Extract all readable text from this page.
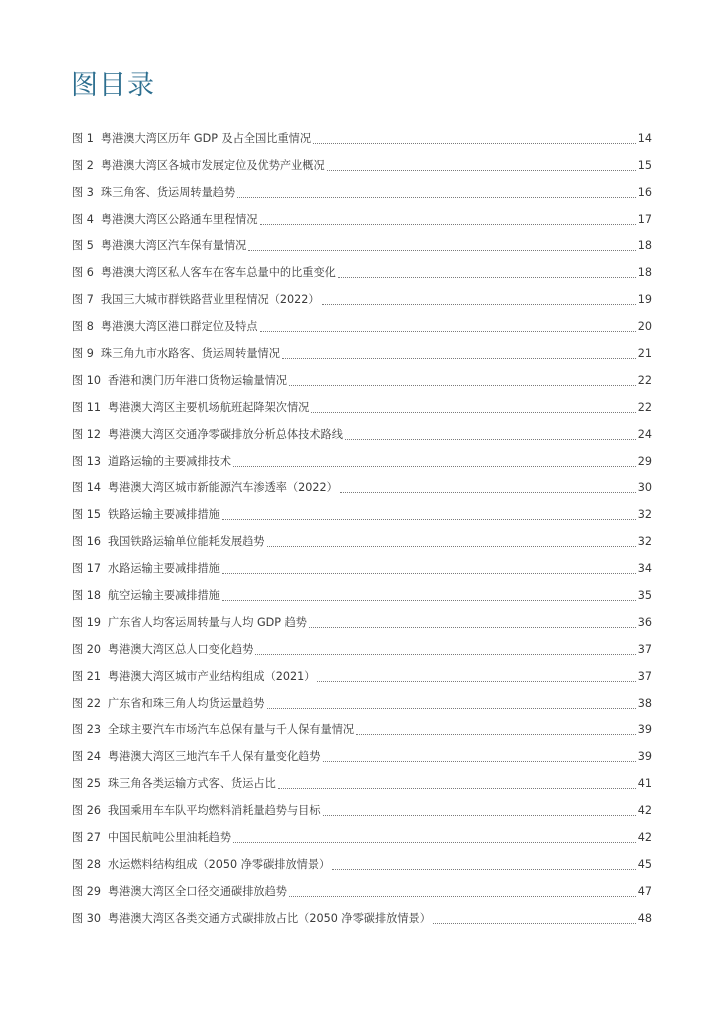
图目录
图 1 粤港澳大湾区历年 GDP 及占全国比重情况	14
图 2 粤港澳大湾区各城市发展定位及优势产业概况	15
图 3 珠三角客、货运周转量趋势	16
图 4 粤港澳大湾区公路通车里程情况	17
图 5 粤港澳大湾区汽车保有量情况	18
图 6 粤港澳大湾区私人客车在客车总量中的比重变化	18
图 7 我国三大城市群铁路营业里程情况（2022）	19
图 8 粤港澳大湾区港口群定位及特点	20
图 9 珠三角九市水路客、货运周转量情况	21
图 10 香港和澳门历年港口货物运输量情况	22
图 11 粤港澳大湾区主要机场航班起降架次情况	22
图 12 粤港澳大湾区交通净零碳排放分析总体技术路线	24
图 13 道路运输的主要减排技术	29
图 14 粤港澳大湾区城市新能源汽车渗透率（2022）	30
图 15 铁路运输主要减排措施	32
图 16 我国铁路运输单位能耗发展趋势	32
图 17 水路运输主要减排措施	34
图 18 航空运输主要减排措施	35
图 19 广东省人均客运周转量与人均 GDP 趋势	36
图 20 粤港澳大湾区总人口变化趋势	37
图 21 粤港澳大湾区城市产业结构组成（2021）	37
图 22 广东省和珠三角人均货运量趋势	38
图 23 全球主要汽车市场汽车总保有量与千人保有量情况	39
图 24 粤港澳大湾区三地汽车千人保有量变化趋势	39
图 25 珠三角各类运输方式客、货运占比	41
图 26 我国乘用车车队平均燃料消耗量趋势与目标	42
图 27 中国民航吨公里油耗趋势	42
图 28 水运燃料结构组成（2050 净零碳排放情景）	45
图 29 粤港澳大湾区全口径交通碳排放趋势	47
图 30 粤港澳大湾区各类交通方式碳排放占比（2050 净零碳排放情景）	48
